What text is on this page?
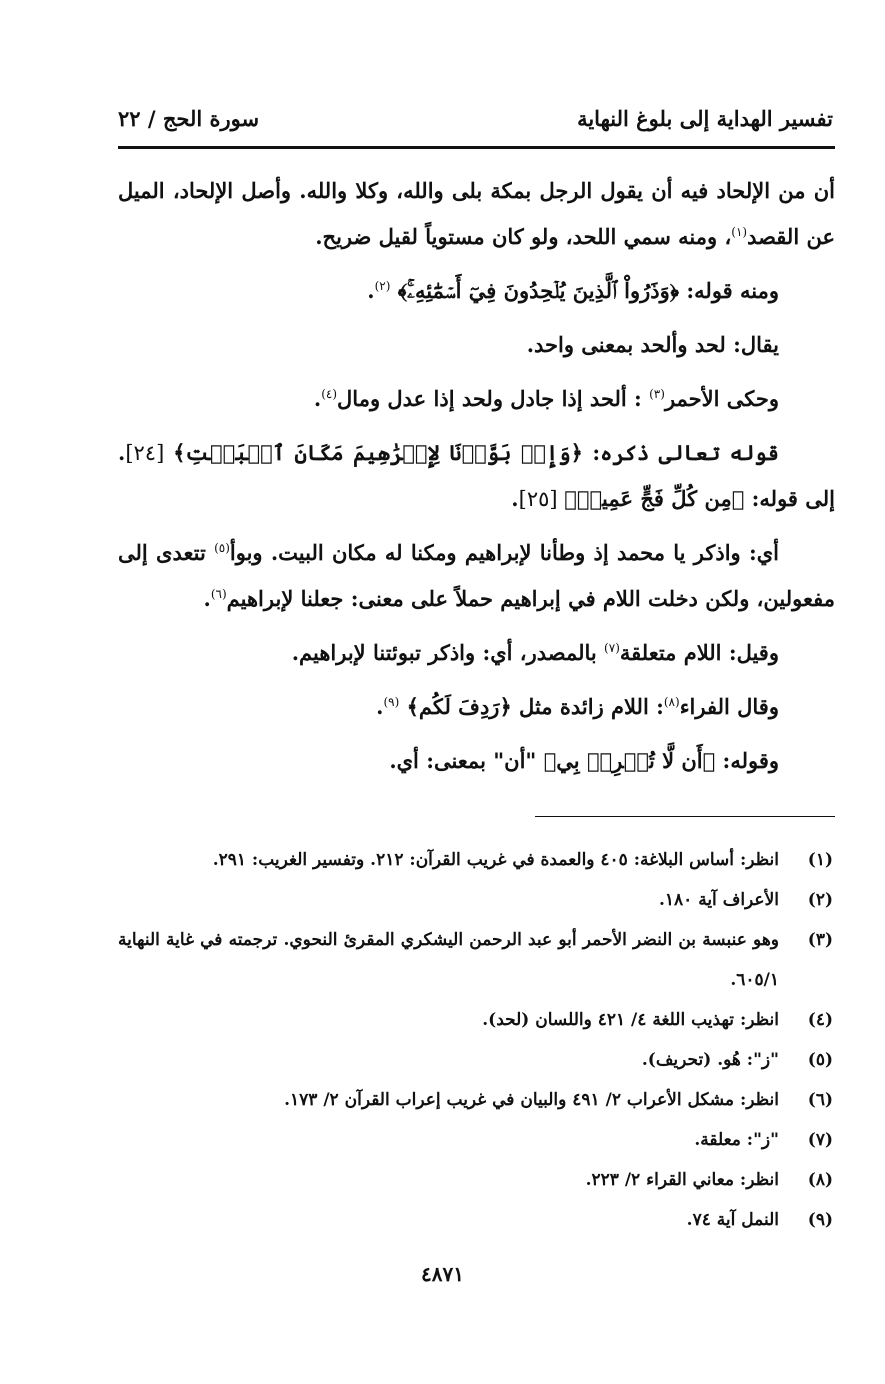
تفسير الهداية إلى بلوغ النهاية
سورة الحج / ٢٢

أن من الإلحاد فيه أن يقول الرجل بمكة بلى والله، وكلا والله. وأصل الإلحاد، الميل عن القصد$^{(١)}$، ومنه سمي اللحد، ولو كان مستوياً لقيل ضريح.

ومنه قوله: ﴿وَذَرُواْ ٱلَّذِينَ يُلۡحِدُونَ فِيٓ أَسۡمَٰٓئِهِۦۚ﴾ $^{(٢)}$.

يقال: لحد وألحد بمعنى واحد.

وحكى الأحمر$^{(٣)}$ : ألحد إذا جادل ولحد إذا عدل ومال$^{(٤)}$.

قوله تعالى ذكره: ﴿وَإِذۡ بَوَّأۡنَا لِإِبۡرَٰهِيمَ مَكَانَ ٱلۡبَيۡتِ﴾ [٢٤]. إلى قوله: ﴿مِن كُلِّ فَجٍّ عَمِيقٖ﴾ [٢٥].

أي: واذكر يا محمد إذ وطأنا لإبراهيم ومكنا له مكان البيت. وبوأ$^{(٥)}$ تتعدى إلى مفعولين، ولكن دخلت اللام في إبراهيم حملاً على معنى: جعلنا لإبراهيم$^{(٦)}$.

وقيل: اللام متعلقة$^{(٧)}$ بالمصدر، أي: واذكر تبوئتنا لإبراهيم.

وقال الفراء$^{(٨)}$: اللام زائدة مثل ﴿رَدِفَ لَكُم﴾ $^{(٩)}$.

وقوله: ﴿أَن لَّا تُشۡرِكۡ بِي﴾ "أن" بمعنى: أي.

(١)
انظر: أساس البلاغة: ٤٠٥ والعمدة في غريب القرآن: ٢١٢. وتفسير الغريب: ٢٩١.
(٢)
الأعراف آية ١٨٠.
(٣)
وهو عنبسة بن النضر الأحمر أبو عبد الرحمن اليشكري المقرئ النحوي. ترجمته في غاية النهاية ٦٠٥/١.
(٤)
انظر: تهذيب اللغة ٤/ ٤٢١ واللسان (لحد).
(٥)
"ز": هُو. (تحريف).
(٦)
انظر: مشكل الأعراب ٢/ ٤٩١ والبيان في غريب إعراب القرآن ٢/ ١٧٣.
(٧)
"ز": معلقة.
(٨)
انظر: معاني القراء ٢/ ٢٢٣.
(٩)
النمل آية ٧٤.
٤٨٧١
